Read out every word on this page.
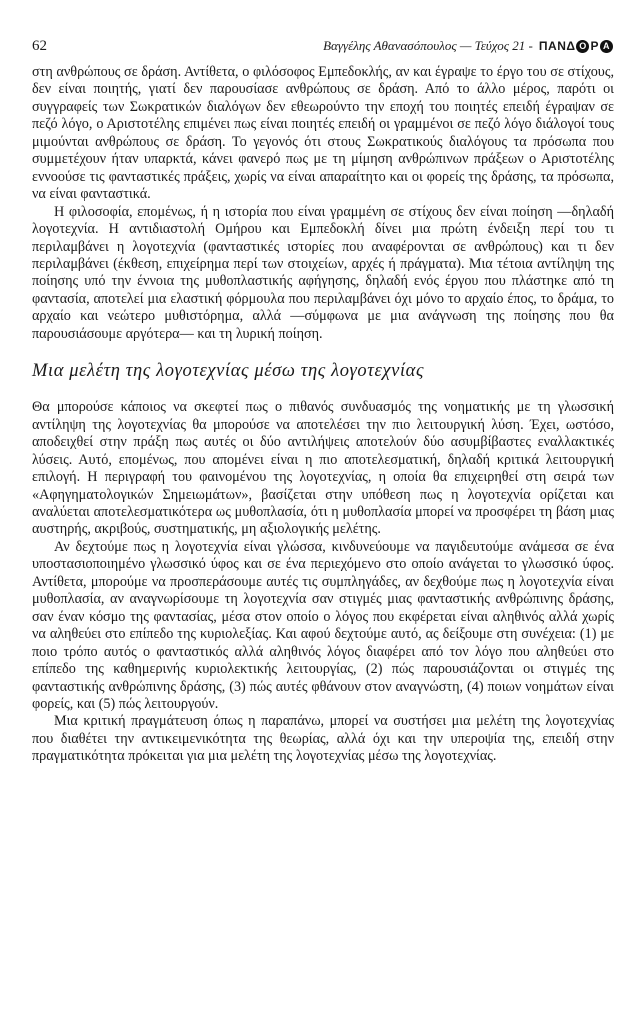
62	Βαγγέλης Αθανασόπουλος — Τεύχος 21 - ΠΑΝΔ Ο Ρ Α

στη ανθρώπους σε δράση. Αντίθετα, ο φιλόσοφος Εμπεδοκλής, αν και έγραψε το έργο του σε στίχους, δεν είναι ποιητής, γιατί δεν παρουσίασε ανθρώπους σε δράση. Από το άλλο μέρος, παρότι οι συγγραφείς των Σωκρατικών διαλόγων δεν εθεωρούντο την εποχή του ποιητές επειδή έγραψαν σε πεζό λόγο, ο Αριστοτέλης επιμένει πως είναι ποιητές επειδή οι γραμμένοι σε πεζό λόγο διάλογοί τους μιμούνται ανθρώπους σε δράση. Το γεγονός ότι στους Σωκρατικούς διαλόγους τα πρόσωπα που συμμετέχουν ήταν υπαρκτά, κάνει φανερό πως με τη μίμηση ανθρώπινων πράξεων ο Αριστοτέλης εννοούσε τις φανταστικές πράξεις, χωρίς να είναι απαραίτητο και οι φορείς της δράσης, τα πρόσωπα, να είναι φανταστικά.

Η φιλοσοφία, επομένως, ή η ιστορία που είναι γραμμένη σε στίχους δεν είναι ποίηση —δηλαδή λογοτεχνία. Η αντιδιαστολή Ομήρου και Εμπεδοκλή δίνει μια πρώτη ένδειξη περί του τι περιλαμβάνει η λογοτεχνία (φανταστικές ιστορίες που αναφέρονται σε ανθρώπους) και τι δεν περιλαμβάνει (έκθεση, επιχείρημα περί των στοιχείων, αρχές ή πράγματα). Μια τέτοια αντίληψη της ποίησης υπό την έννοια της μυθοπλαστικής αφήγησης, δηλαδή ενός έργου που πλάστηκε από τη φαντασία, αποτελεί μια ελαστική φόρμουλα που περιλαμβάνει όχι μόνο το αρχαίο έπος, το δράμα, το αρχαίο και νεώτερο μυθιστόρημα, αλλά —σύμφωνα με μια ανάγνωση της ποίησης που θα παρουσιάσουμε αργότερα— και τη λυρική ποίηση.

Μια μελέτη της λογοτεχνίας μέσω της λογοτεχνίας

Θα μπορούσε κάποιος να σκεφτεί πως ο πιθανός συνδυασμός της νοηματικής με τη γλωσσική αντίληψη της λογοτεχνίας θα μπορούσε να αποτελέσει την πιο λειτουργική λύση. Έχει, ωστόσο, αποδειχθεί στην πράξη πως αυτές οι δύο αντιλήψεις αποτελούν δύο ασυμβίβαστες εναλλακτικές λύσεις. Αυτό, επομένως, που απομένει είναι η πιο αποτελεσματική, δηλαδή κριτικά λειτουργική επιλογή. Η περιγραφή του φαινομένου της λογοτεχνίας, η οποία θα επιχειρηθεί στη σειρά των «Αφηγηματολογικών Σημειωμάτων», βασίζεται στην υπόθεση πως η λογοτεχνία ορίζεται και αναλύεται αποτελεσματικότερα ως μυθοπλασία, ότι η μυθοπλασία μπορεί να προσφέρει τη βάση μιας αυστηρής, ακριβούς, συστηματικής, μη αξιολογικής μελέτης.

Αν δεχτούμε πως η λογοτεχνία είναι γλώσσα, κινδυνεύουμε να παγιδευτούμε ανάμεσα σε ένα υποστασιοποιημένο γλωσσικό ύφος και σε ένα περιεχόμενο στο οποίο ανάγεται το γλωσσικό ύφος. Αντίθετα, μπορούμε να προσπεράσουμε αυτές τις συμπληγάδες, αν δεχθούμε πως η λογοτεχνία είναι μυθοπλασία, αν αναγνωρίσουμε τη λογοτεχνία σαν στιγμές μιας φανταστικής ανθρώπινης δράσης, σαν έναν κόσμο της φαντασίας, μέσα στον οποίο ο λόγος που εκφέρεται είναι αληθινός αλλά χωρίς να αληθεύει στο επίπεδο της κυριολεξίας. Και αφού δεχτούμε αυτό, ας δείξουμε στη συνέχεια: (1) με ποιο τρόπο αυτός ο φανταστικός αλλά αληθινός λόγος διαφέρει από τον λόγο που αληθεύει στο επίπεδο της καθημερινής κυριολεκτικής λειτουργίας, (2) πώς παρουσιάζονται οι στιγμές της φανταστικής ανθρώπινης δράσης, (3) πώς αυτές φθάνουν στον αναγνώστη, (4) ποιων νοημάτων είναι φορείς, και (5) πώς λειτουργούν.

Μια κριτική πραγμάτευση όπως η παραπάνω, μπορεί να συστήσει μια μελέτη της λογοτεχνίας που διαθέτει την αντικειμενικότητα της θεωρίας, αλλά όχι και την υπεροψία της, επειδή στην πραγματικότητα πρόκειται για μια μελέτη της λογοτεχνίας μέσω της λογοτεχνίας.
